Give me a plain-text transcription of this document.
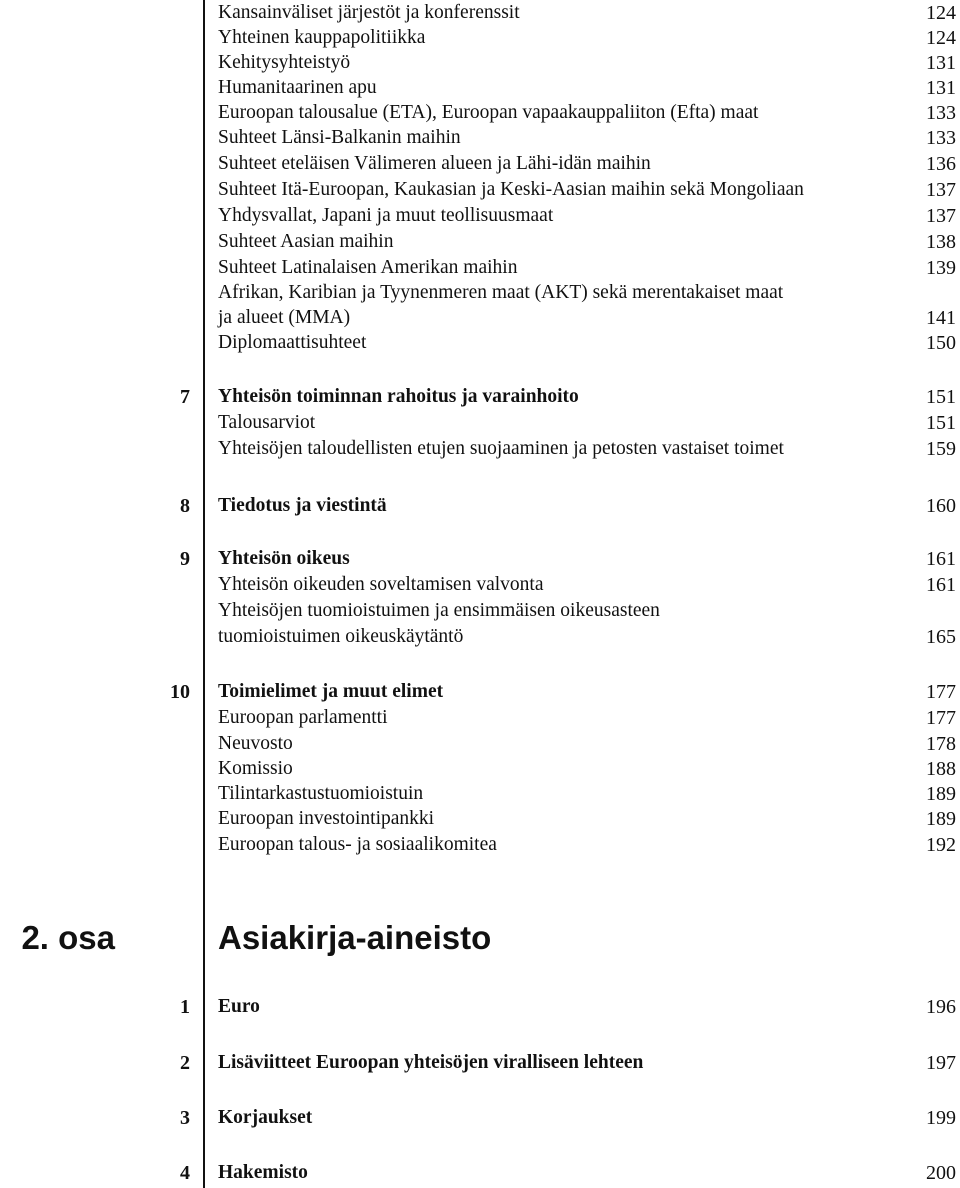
Kansainväliset järjestöt ja konferenssit	124
Yhteinen kauppapolitiikka	124
Kehitysyhteistyö	131
Humanitaarinen apu	131
Euroopan talousalue (ETA), Euroopan vapaakauppaliiton (Efta) maat	133
Suhteet Länsi-Balkanin maihin	133
Suhteet eteläisen Välimeren alueen ja Lähi-idän maihin	136
Suhteet Itä-Euroopan, Kaukasian ja Keski-Aasian maihin sekä Mongoliaan	137
Yhdysvallat, Japani ja muut teollisuusmaat	137
Suhteet Aasian maihin	138
Suhteet Latinalaisen Amerikan maihin	139
Afrikan, Karibian ja Tyynenmeren maat (AKT) sekä merentakaiset maat
ja alueet (MMA)	141
Diplomaattisuhteet	150
7 Yhteisön toiminnan rahoitus ja varainhoito	151
Talousarviot	151
Yhteisöjen taloudellisten etujen suojaaminen ja petosten vastaiset toimet	159
8 Tiedotus ja viestintä	160
9 Yhteisön oikeus	161
Yhteisön oikeuden soveltamisen valvonta	161
Yhteisöjen tuomioistuimen ja ensimmäisen oikeusasteen
tuomioistuimen oikeuskäytäntö	165
10 Toimielimet ja muut elimet	177
Euroopan parlamentti	177
Neuvosto	178
Komissio	188
Tilintarkastustuomioistuin	189
Euroopan investointipankki	189
Euroopan talous- ja sosiaalikomitea	192
2. osa	Asiakirja-aineisto
1 Euro	196
2 Lisäviitteet Euroopan yhteisöjen viralliseen lehteen	197
3 Korjaukset	199
4 Hakemisto	200
